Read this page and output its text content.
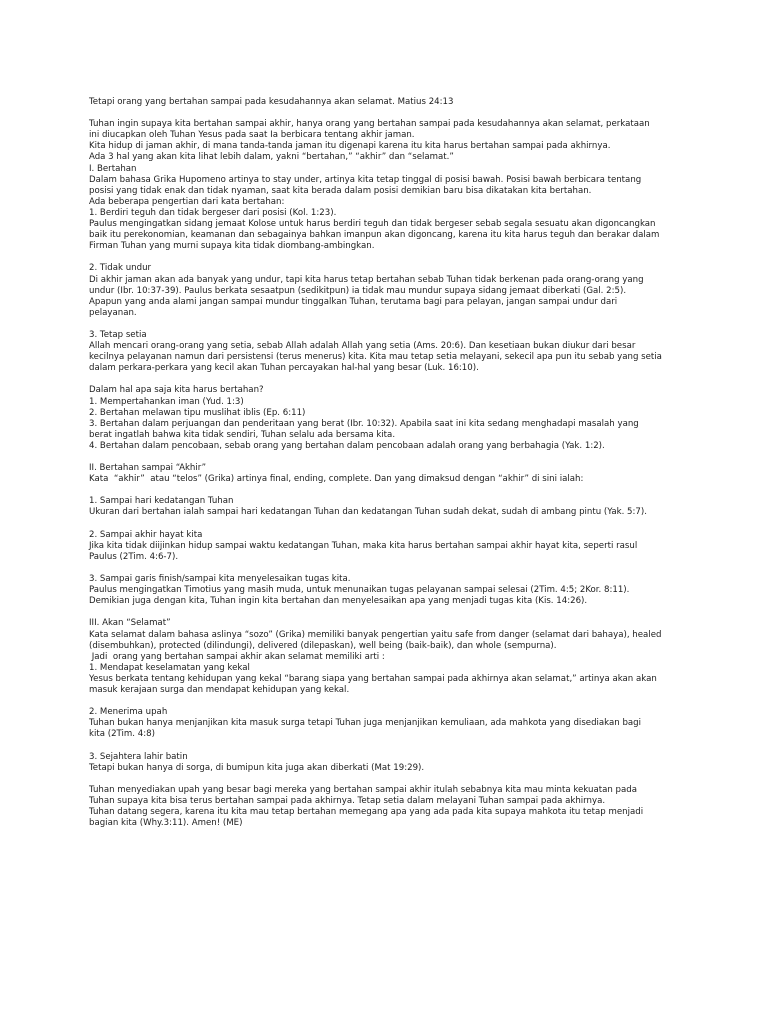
Tetapi orang yang bertahan sampai pada kesudahannya akan selamat. Matius 24:13

Tuhan ingin supaya kita bertahan sampai akhir, hanya orang yang bertahan sampai pada kesudahannya akan selamat, perkataan

ini diucapkan oleh Tuhan Yesus pada saat Ia berbicara tentang akhir jaman.

Kita hidup di jaman akhir, di mana tanda-tanda jaman itu digenapi karena itu kita harus bertahan sampai pada akhirnya.

Ada 3 hal yang akan kita lihat lebih dalam, yakni “bertahan,” “akhir” dan “selamat.”

I. Bertahan

Dalam bahasa Grika Hupomeno artinya to stay under, artinya kita tetap tinggal di posisi bawah. Posisi bawah berbicara tentang

posisi yang tidak enak dan tidak nyaman, saat kita berada dalam posisi demikian baru bisa dikatakan kita bertahan.

Ada beberapa pengertian dari kata bertahan:

1. Berdiri teguh dan tidak bergeser dari posisi (Kol. 1:23).

Paulus mengingatkan sidang jemaat Kolose untuk harus berdiri teguh dan tidak bergeser sebab segala sesuatu akan digoncangkan

baik itu perekonomian, keamanan dan sebagainya bahkan imanpun akan digoncang, karena itu kita harus teguh dan berakar dalam

Firman Tuhan yang murni supaya kita tidak diombang-ambingkan.

2. Tidak undur

Di akhir jaman akan ada banyak yang undur, tapi kita harus tetap bertahan sebab Tuhan tidak berkenan pada orang-orang yang

undur (Ibr. 10:37-39). Paulus berkata sesaatpun (sedikitpun) ia tidak mau mundur supaya sidang jemaat diberkati (Gal. 2:5).

Apapun yang anda alami jangan sampai mundur tinggalkan Tuhan, terutama bagi para pelayan, jangan sampai undur dari

pelayanan.

3. Tetap setia

Allah mencari orang-orang yang setia, sebab Allah adalah Allah yang setia (Ams. 20:6). Dan kesetiaan bukan diukur dari besar

kecilnya pelayanan namun dari persistensi (terus menerus) kita. Kita mau tetap setia melayani, sekecil apa pun itu sebab yang setia

dalam perkara-perkara yang kecil akan Tuhan percayakan hal-hal yang besar (Luk. 16:10).

Dalam hal apa saja kita harus bertahan?

1. Mempertahankan iman (Yud. 1:3)

2. Bertahan melawan tipu muslihat iblis (Ep. 6:11)

3. Bertahan dalam perjuangan dan penderitaan yang berat (Ibr. 10:32). Apabila saat ini kita sedang menghadapi masalah yang

berat ingatlah bahwa kita tidak sendiri, Tuhan selalu ada bersama kita.

4. Bertahan dalam pencobaan, sebab orang yang bertahan dalam pencobaan adalah orang yang berbahagia (Yak. 1:2).

II. Bertahan sampai “Akhir”

Kata  “akhir”  atau “telos” (Grika) artinya final, ending, complete. Dan yang dimaksud dengan “akhir” di sini ialah:

1. Sampai hari kedatangan Tuhan

Ukuran dari bertahan ialah sampai hari kedatangan Tuhan dan kedatangan Tuhan sudah dekat, sudah di ambang pintu (Yak. 5:7).

2. Sampai akhir hayat kita

Jika kita tidak diijinkan hidup sampai waktu kedatangan Tuhan, maka kita harus bertahan sampai akhir hayat kita, seperti rasul

Paulus (2Tim. 4:6-7).

3. Sampai garis finish/sampai kita menyelesaikan tugas kita.

Paulus mengingatkan Timotius yang masih muda, untuk menunaikan tugas pelayanan sampai selesai (2Tim. 4:5; 2Kor. 8:11).

Demikian juga dengan kita, Tuhan ingin kita bertahan dan menyelesaikan apa yang menjadi tugas kita (Kis. 14:26).

III. Akan “Selamat”

Kata selamat dalam bahasa aslinya “sozo” (Grika) memiliki banyak pengertian yaitu safe from danger (selamat dari bahaya), healed

(disembuhkan), protected (dilindungi), delivered (dilepaskan), well being (baik-baik), dan whole (sempurna).

Jadi  orang yang bertahan sampai akhir akan selamat memiliki arti :

1. Mendapat keselamatan yang kekal

Yesus berkata tentang kehidupan yang kekal “barang siapa yang bertahan sampai pada akhirnya akan selamat,” artinya akan akan

masuk kerajaan surga dan mendapat kehidupan yang kekal.

2. Menerima upah

Tuhan bukan hanya menjanjikan kita masuk surga tetapi Tuhan juga menjanjikan kemuliaan, ada mahkota yang disediakan bagi

kita (2Tim. 4:8)

3. Sejahtera lahir batin

Tetapi bukan hanya di sorga, di bumipun kita juga akan diberkati (Mat 19:29).

Tuhan menyediakan upah yang besar bagi mereka yang bertahan sampai akhir itulah sebabnya kita mau minta kekuatan pada

Tuhan supaya kita bisa terus bertahan sampai pada akhirnya. Tetap setia dalam melayani Tuhan sampai pada akhirnya.

Tuhan datang segera, karena itu kita mau tetap bertahan memegang apa yang ada pada kita supaya mahkota itu tetap menjadi

bagian kita (Why.3:11). Amen! (ME)
